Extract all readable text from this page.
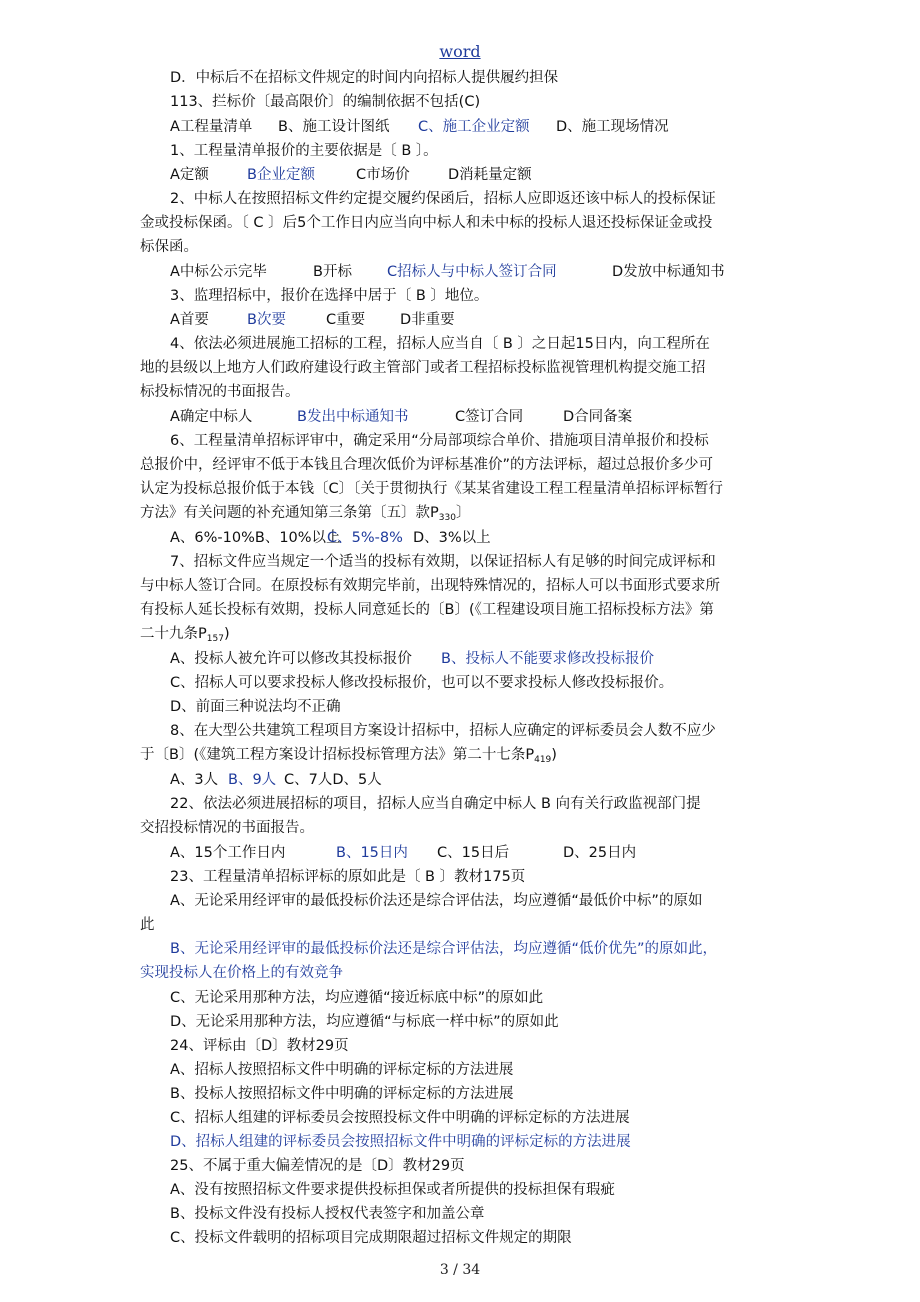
word
D．中标后不在招标文件规定的时间内向招标人提供履约担保
113、拦标价〔最高限价〕的编制依据不包括(C)
A工程量清单 B、施工设计图纸 C、施工企业定额 D、施工现场情况
1、工程量清单报价的主要依据是〔 B 〕。
A定额	B企业定额	C市场价	D消耗量定额
2、中标人在按照招标文件约定提交履约保函后，招标人应即返还该中标人的投标保证
金或投标保函。〔 C 〕后5个工作日内应当向中标人和未中标的投标人退还投标保证金或投
标保函。
A中标公示完毕	B开标 C招标人与中标人签订合同	D发放中标通知书
3、监理招标中，报价在选择中居于〔 B 〕地位。
A首要	B次要	C重要 D非重要
4、依法必须进展施工招标的工程，招标人应当自〔 B 〕之日起15日内，向工程所在
地的县级以上地方人们政府建设行政主管部门或者工程招标投标监视管理机构提交施工招
标投标情况的书面报告。
A确定中标人	B发出中标通知书	C签订合同	D合同备案
6、工程量清单招标评审中，确定采用“分局部项综合单价、措施项目清单报价和投标
总报价中，经评审不低于本钱且合理次低价为评标基准价”的方法评标，超过总报价多少可
认定为投标总报价低于本钱〔C〕〔关于贯彻执行《某某省建设工程工程量清单招标评标暂行
方法》有关问题的补充通知第三条第〔五〕款$P_{330}$〕
A、6%-10%B、10%以上
C、5%-8% D、3%以上
7、招标文件应当规定一个适当的投标有效期，以保证招标人有足够的时间完成评标和
与中标人签订合同。在原投标有效期完毕前，出现特殊情况的，招标人可以书面形式要求所
有投标人延长投标有效期，投标人同意延长的〔B〕(《工程建设项目施工招标投标方法》第
二十九条$P_{157}$)
A、投标人被允许可以修改其投标报价 B、投标人不能要求修改投标报价
C、招标人可以要求投标人修改投标报价，也可以不要求投标人修改投标报价。
D、前面三种说法均不正确
8、在大型公共建筑工程项目方案设计招标中，招标人应确定的评标委员会人数不应少
于〔B〕(《建筑工程方案设计招标投标管理方法》第二十七条$P_{419}$)
A、3人 B、9人 C、7人D、5人
22、依法必须进展招标的项目，招标人应当自确定中标人 B 向有关行政监视部门提
交招投标情况的书面报告。
A、15个工作日内	B、15日内 C、15日后	D、25日内
23、工程量清单招标评标的原如此是〔 B 〕教材175页
A、无论采用经评审的最低投标价法还是综合评估法，均应遵循“最低价中标”的原如
此
B、无论采用经评审的最低投标价法还是综合评估法，均应遵循“低价优先”的原如此，
实现投标人在价格上的有效竞争
C、无论采用那种方法，均应遵循“接近标底中标”的原如此
D、无论采用那种方法，均应遵循“与标底一样中标”的原如此
24、评标由〔D〕教材29页
A、招标人按照招标文件中明确的评标定标的方法进展
B、投标人按照招标文件中明确的评标定标的方法进展
C、招标人组建的评标委员会按照投标文件中明确的评标定标的方法进展
D、招标人组建的评标委员会按照招标文件中明确的评标定标的方法进展
25、不属于重大偏差情况的是〔D〕教材29页
A、没有按照招标文件要求提供投标担保或者所提供的投标担保有瑕疵
B、投标文件没有投标人授权代表签字和加盖公章
C、投标文件载明的招标项目完成期限超过招标文件规定的期限
3 / 34
